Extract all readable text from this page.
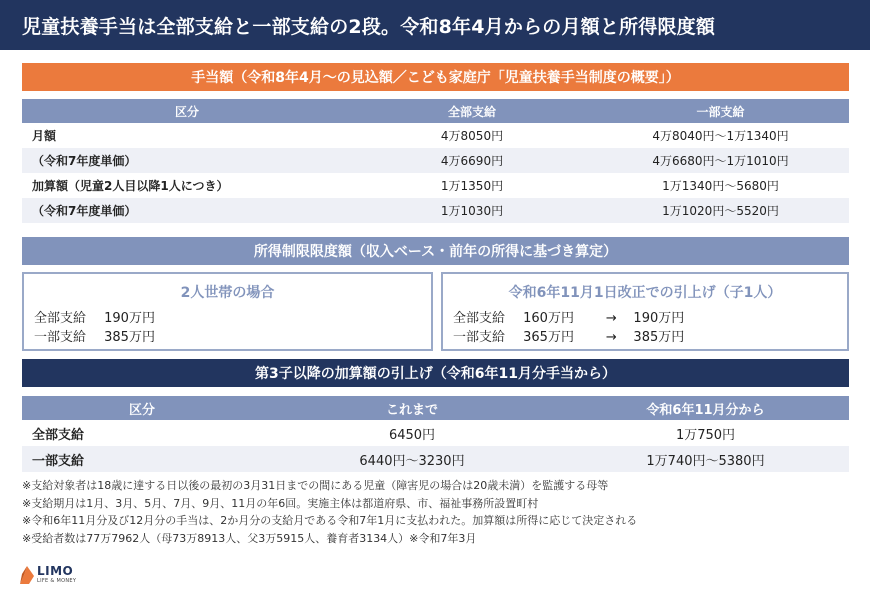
児童扶養手当は全部支給と一部支給の2段。令和8年4月からの月額と所得限度額
手当額（令和8年4月〜の見込額／こども家庭庁「児童扶養手当制度の概要」）
区分	全部支給	一部支給
月額	4万8050円	4万8040円〜1万1340円
（令和7年度単価）	4万6690円	4万6680円〜1万1010円
加算額（児童2人目以降1人につき）	1万1350円	1万1340円〜5680円
（令和7年度単価）	1万1030円	1万1020円〜5520円
所得制限限度額（収入ベース・前年の所得に基づき算定）
2人世帯の場合
全部支給 190万円
一部支給 385万円
令和6年11月1日改正での引上げ（子1人）
全部支給 160万円 → 190万円
一部支給 365万円 → 385万円
第3子以降の加算額の引上げ（令和6年11月分手当から）
区分	これまで	令和6年11月分から
全部支給	6450円	1万750円
一部支給	6440円〜3230円	1万740円〜5380円
※支給対象者は18歳に達する日以後の最初の3月31日までの間にある児童（障害児の場合は20歳未満）を監護する母等
※支給期月は1月、3月、5月、7月、9月、11月の年6回。実施主体は都道府県、市、福祉事務所設置町村
※令和6年11月分及び12月分の手当は、2か月分の支給月である令和7年1月に支払われた。加算額は所得に応じて決定される
※受給者数は77万7962人（母73万8913人、父3万5915人、養育者3134人）※令和7年3月
LIMO
LIFE & MONEY
